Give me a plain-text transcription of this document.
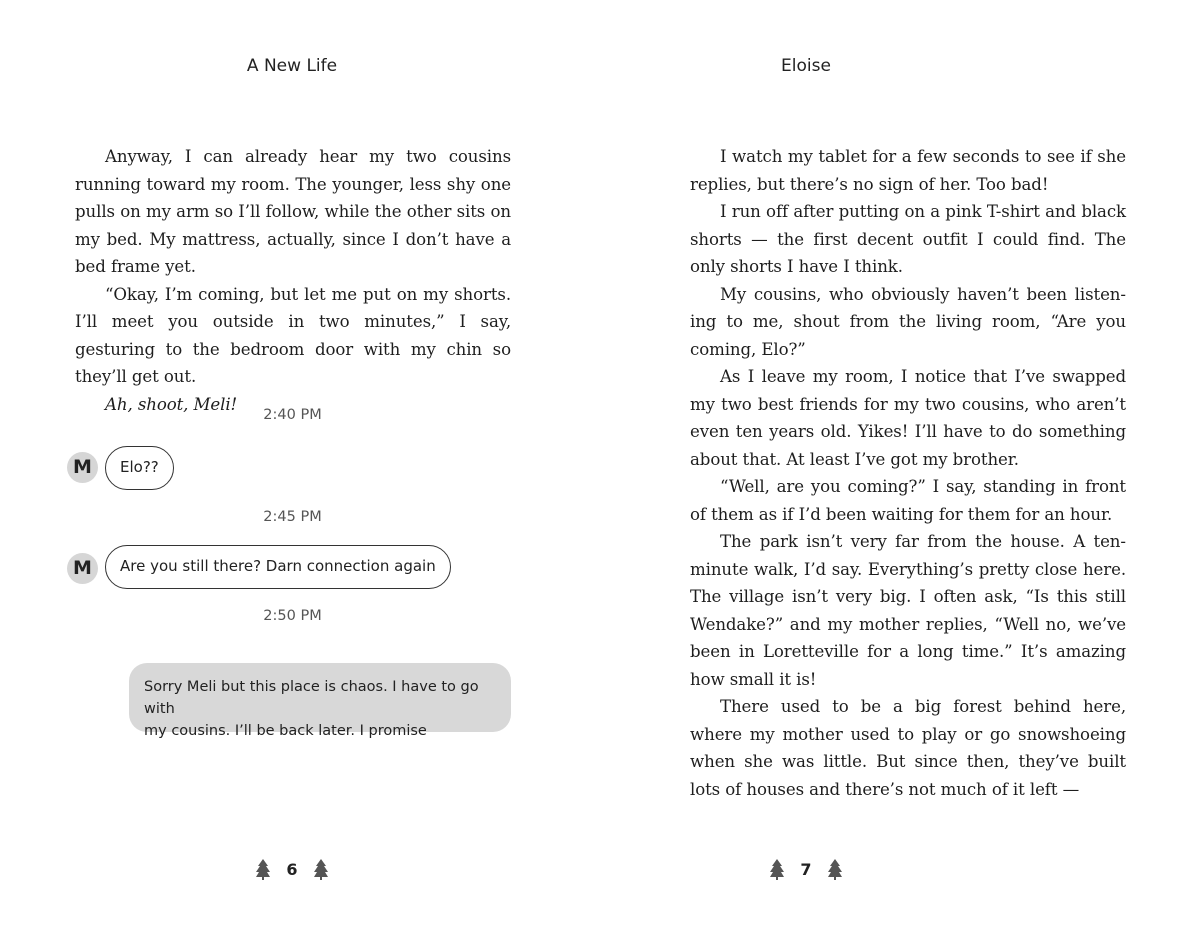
A New Life

Anyway, I can already hear my two cousins running toward my room. The younger, less shy one pulls on my arm so I’ll follow, while the other sits on my bed. My mattress, actually, since I don’t have a bed frame yet.

“Okay, I’m coming, but let me put on my shorts. I’ll meet you outside in two minutes,” I say, gesturing to the bedroom door with my chin so they’ll get out.

Ah, shoot, Meli!

2:40 PM
M	Elo??
2:45 PM
M	Are you still there? Darn connection again
2:50 PM
Sorry Meli but this place is chaos. I have to go with
my cousins. I’ll be back later. I promise
6
Eloise

I watch my tablet for a few seconds to see if she replies, but there’s no sign of her. Too bad!

I run off after putting on a pink T-shirt and black shorts — the first decent outfit I could find. The only shorts I have I think.

My cousins, who obviously haven’t been listening to me, shout from the living room, “Are you coming, Elo?”

As I leave my room, I notice that I’ve swapped my two best friends for my two cousins, who aren’t even ten years old. Yikes! I’ll have to do something about that. At least I’ve got my brother.

“Well, are you coming?” I say, standing in front of them as if I’d been waiting for them for an hour.

The park isn’t very far from the house. A tenminute walk, I’d say. Everything’s pretty close here. The village isn’t very big. I often ask, “Is this still Wendake?” and my mother replies, “Well no, we’ve been in Loretteville for a long time.” It’s amazing how small it is!

There used to be a big forest behind here, where my mother used to play or go snowshoeing when she was little. But since then, they’ve built lots of houses and there’s not much of it left —

7
